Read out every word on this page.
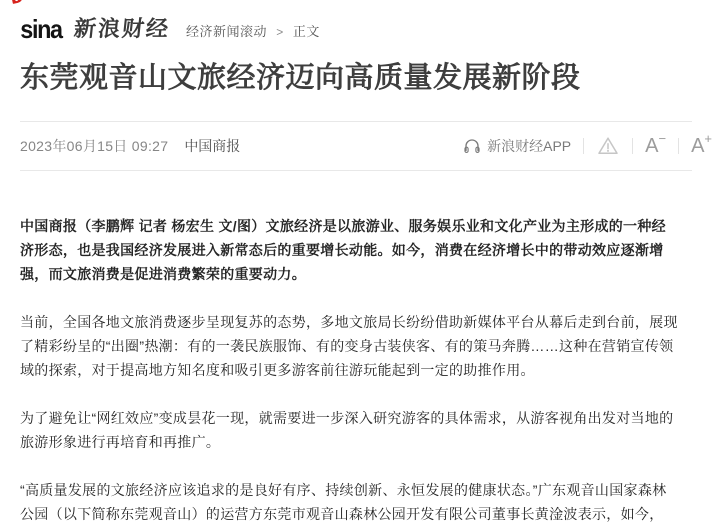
sina 新浪财经 经济新闻滚动 > 正文
东莞观音山文旅经济迈向高质量发展新阶段
2023年06月15日 09:27 中国商报	新浪财经APP	A− A+

中国商报（李鹏辉 记者 杨宏生 文/图）文旅经济是以旅游业、服务娱乐业和文化产业为主形成的一种经济形态，也是我国经济发展进入新常态后的重要增长动能。如今，消费在经济增长中的带动效应逐渐增强，而文旅消费是促进消费繁荣的重要动力。

当前，全国各地文旅消费逐步呈现复苏的态势，多地文旅局长纷纷借助新媒体平台从幕后走到台前，展现了精彩纷呈的“出圈”热潮：有的一袭民族服饰、有的变身古装侠客、有的策马奔腾……这种在营销宣传领域的探索，对于提高地方知名度和吸引更多游客前往游玩能起到一定的助推作用。

为了避免让“网红效应”变成昙花一现，就需要进一步深入研究游客的具体需求，从游客视角出发对当地的旅游形象进行再培育和再推广。

“高质量发展的文旅经济应该追求的是良好有序、持续创新、永恒发展的健康状态。”广东观音山国家森林公园（以下简称东莞观音山）的运营方东莞市观音山森林公园开发有限公司董事长黄淦波表示，如今，
